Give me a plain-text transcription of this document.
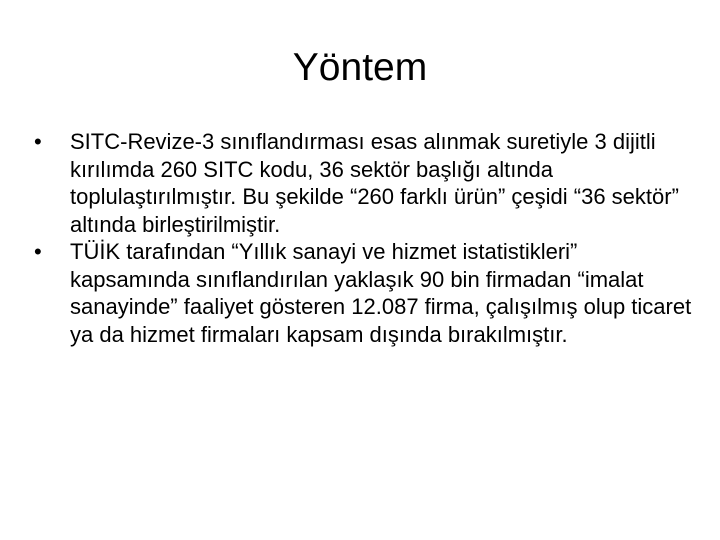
Yöntem
•	SITC-Revize-3 sınıflandırması esas alınmak suretiyle 3 dijitli kırılımda 260 SITC kodu, 36 sektör başlığı altında toplulaştırılmıştır. Bu şekilde “260 farklı ürün” çeşidi “36 sektör” altında birleştirilmiştir.
•	TÜİK tarafından “Yıllık sanayi ve hizmet istatistikleri” kapsamında sınıflandırılan yaklaşık 90 bin firmadan “imalat sanayinde” faaliyet gösteren 12.087 firma, çalışılmış olup ticaret ya da hizmet firmaları kapsam dışında bırakılmıştır.
